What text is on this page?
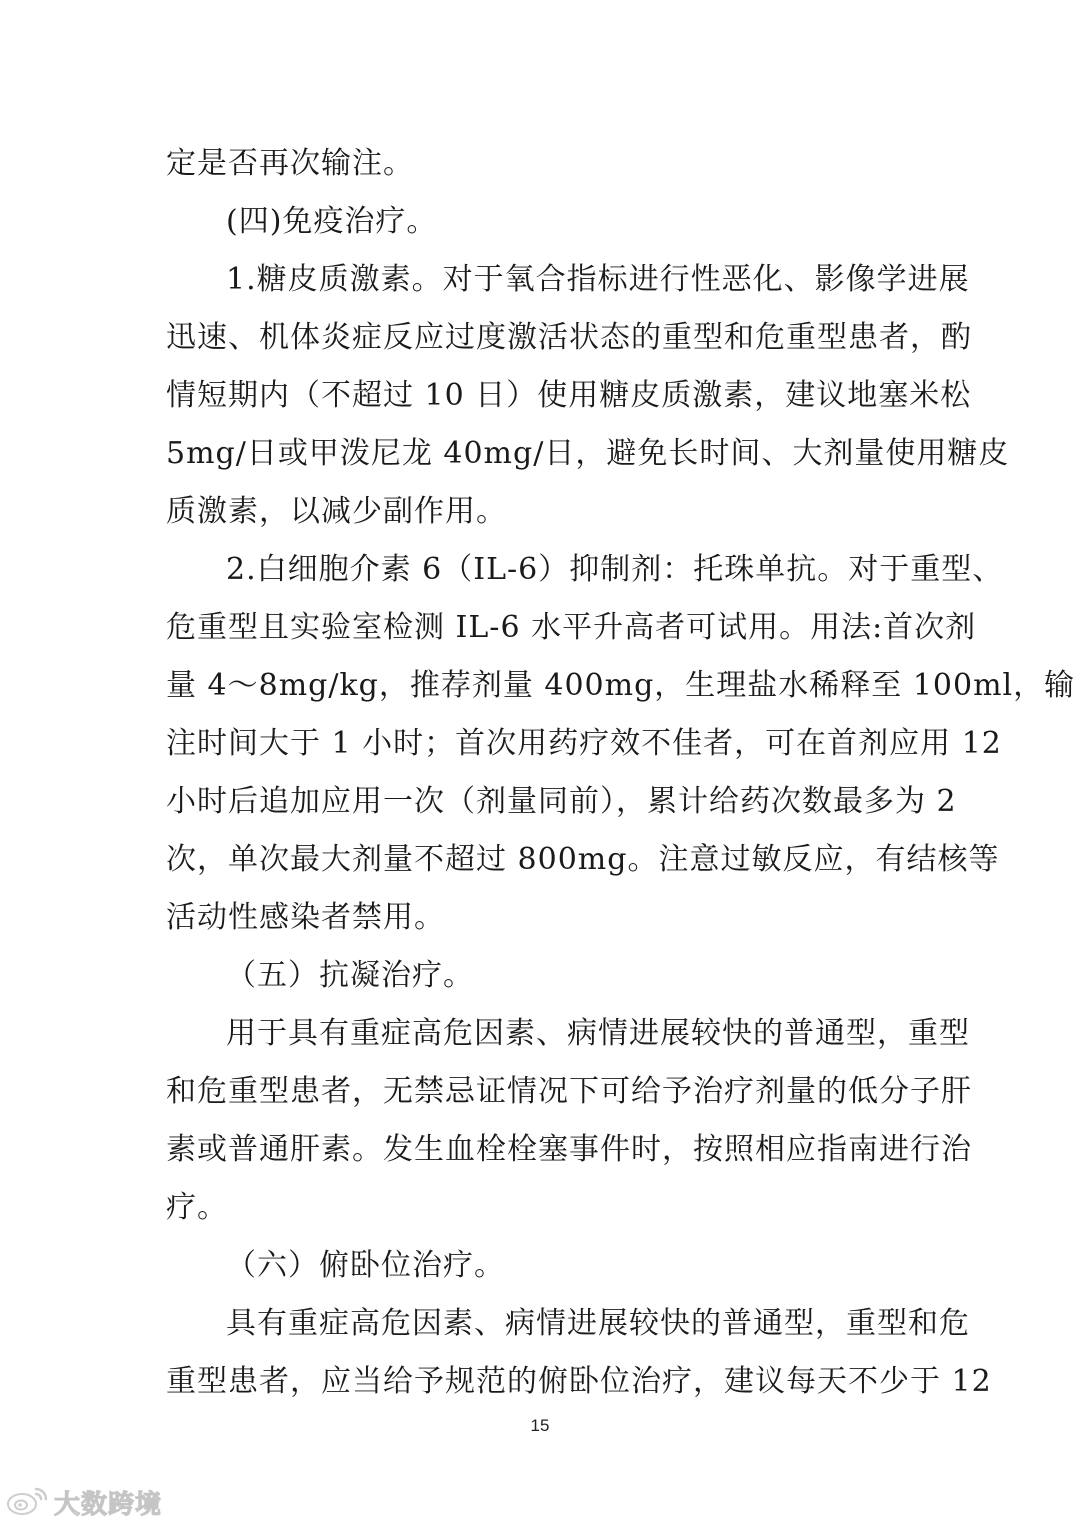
定是否再次输注。
(四)免疫治疗。
1.糖皮质激素。对于氧合指标进行性恶化、影像学进展
迅速、机体炎症反应过度激活状态的重型和危重型患者，酌
情短期内（不超过 10 日）使用糖皮质激素，建议地塞米松
5mg/日或甲泼尼龙 40mg/日，避免长时间、大剂量使用糖皮
质激素，以减少副作用。
2.白细胞介素 6（IL-6）抑制剂：托珠单抗。对于重型、
危重型且实验室检测 IL-6 水平升高者可试用。用法:首次剂
量 4～8mg/kg，推荐剂量 400mg，生理盐水稀释至 100ml，输
注时间大于 1 小时；首次用药疗效不佳者，可在首剂应用 12
小时后追加应用一次（剂量同前），累计给药次数最多为 2
次，单次最大剂量不超过 800mg。注意过敏反应，有结核等
活动性感染者禁用。
（五）抗凝治疗。
用于具有重症高危因素、病情进展较快的普通型，重型
和危重型患者，无禁忌证情况下可给予治疗剂量的低分子肝
素或普通肝素。发生血栓栓塞事件时，按照相应指南进行治
疗。
（六）俯卧位治疗。
具有重症高危因素、病情进展较快的普通型，重型和危
重型患者，应当给予规范的俯卧位治疗，建议每天不少于 12
15
大数跨境
